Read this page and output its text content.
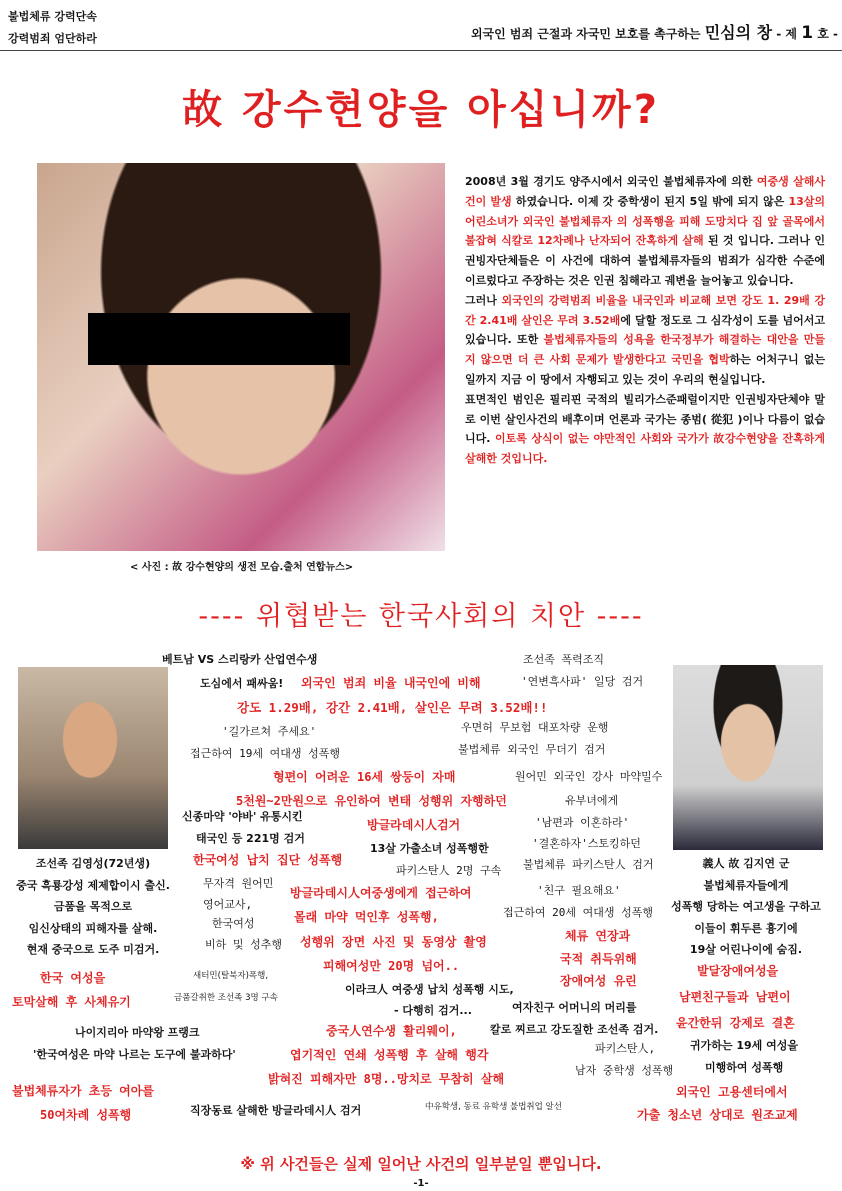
불법체류 강력단속
강력범죄 엄단하라	외국인 범죄 근절과 자국민 보호를 촉구하는 민심의 창 - 제 1 호 -
故 강수현양을 아십니까?
< 사진 : 故 강수현양의 생전 모습.출처 연합뉴스>
2008년 3월 경기도 양주시에서 외국인 불법체류자에 의한 여중생 살해사건이 발생 하였습니다. 이제 갓 중학생이 된지 5일 밖에 되지 않은 13살의 어린소녀가 외국인 불법체류자 의 성폭행을 피해 도망치다 집 앞 골목에서 불잡혀 식칼로 12차례나 난자되어 잔혹하게 살해 된 것 입니다. 그러나 인권빙자단체들은 이 사건에 대하여 불법체류자들의 범죄가 심각한 수준에 이르렀다고 주장하는 것은 인권 침해라고 궤변을 늘어놓고 있습니다.
그러나 외국인의 강력범죄 비율을 내국인과 비교해 보면 강도 1. 29배 강간 2.41배 살인은 무려 3.52배에 달할 정도로 그 심각성이 도를 넘어서고 있습니다. 또한 불법체류자들의 성욕을 한국정부가 해결하는 대안을 만들지 않으면 더 큰 사회 문제가 발생한다고 국민을 협박하는 어처구니 없는 일까지 지금 이 땅에서 자행되고 있는 것이 우리의 현실입니다.
표면적인 범인은 필리핀 국적의 빌리가스준패럴이지만 인권빙자단체야 말로 이번 살인사건의 배후이며 언론과 국가는 종범( 從犯 )이나 다름이 없습니다. 이토록 상식이 없는 야만적인 사회와 국가가 故강수현양을 잔혹하게 살해한 것입니다.
---- 위협받는 한국사회의 치안 ----
조선족 김영성(72년생)
중국 흑룡강성 제제합이시 출신.
금품을 목적으로
임신상태의 피해자를 살해.
현재 중국으로 도주 미검거.
義人 故 김지연 군
불법체류자들에게
성폭행 당하는 여고생을 구하고
이들이 휘두른 흉기에
19살 어린나이에 숨짐.
베트남 VS 스리랑카 산업연수생
도심에서 패싸움! 외국인 범죄 비율 내국인에 비해
강도 1.29배, 강간 2.41배, 살인은 무려 3.52배!!
조선족 폭력조직
'연변흑사파' 일당 검거
'길가르쳐 주세요'
접근하여 19세 여대생 성폭행
우면허 무보험 대포차량 운행
불법체류 외국인 무더기 검거
형편이 어려운 16세 쌍둥이 자매	원어민 외국인 강사 마약밀수
5천원~2만원으로 유인하여 변태 성행위 자행하던	유부녀에게
신종마약 '야바' 유통시킨
방글라데시人검거	'남편과 이혼하라'
태국인 등 221명 검거	'결혼하자'스토킹하던
13살 가출소녀 성폭행한
한국여성 납치 집단 성폭행
파키스탄人 2명 구속 불법체류 파키스탄人 검거
무자격 원어민
영어교사,
한국여성
비하 및 성추행
방글라데시人여중생에게 접근하여
몰래 마약 먹인후 성폭행,
성행위 장면 사진 및 동영상 촬영
피해여성만 20명 넘어..
'친구 필요해요'
접근하여 20세 여대생 성폭행
체류 연장과
국적 취득위해
장애여성 유린
한국 여성을
토막살해 후 사체유기
새터민(탈북자)폭행,
금품갈취한 조선족 3명 구속
이라크人 여중생 납치 성폭행 시도,
- 다행히 검거...	여자친구 어머니의 머리를
발달장애여성을
남편친구들과 남편이
윤간한뒤 강제로 결혼
나이지리아 마약왕 프랭크	중국人연수생 활리웨이,	칼로 찌르고 강도질한 조선족 검거.
'한국여성은 마약 나르는 도구에 불과하다'	엽기적인 연쇄 성폭행 후 살해 행각	파키스탄人,	귀가하는 19세 여성을
밝혀진 피해자만 8명..망치로 무참히 살해
남자 중학생 성폭행	미행하여 성폭행
불법체류자가 초등 여아를	외국인 고용센터에서
50여차례 성폭행	직장동료 살해한 방글라데시人 검거	中유학생, 동료 유학생 불법취업 알선
가출 청소년 상대로 원조교제
※ 위 사건들은 실제 일어난 사건의 일부분일 뿐입니다.
-1-
